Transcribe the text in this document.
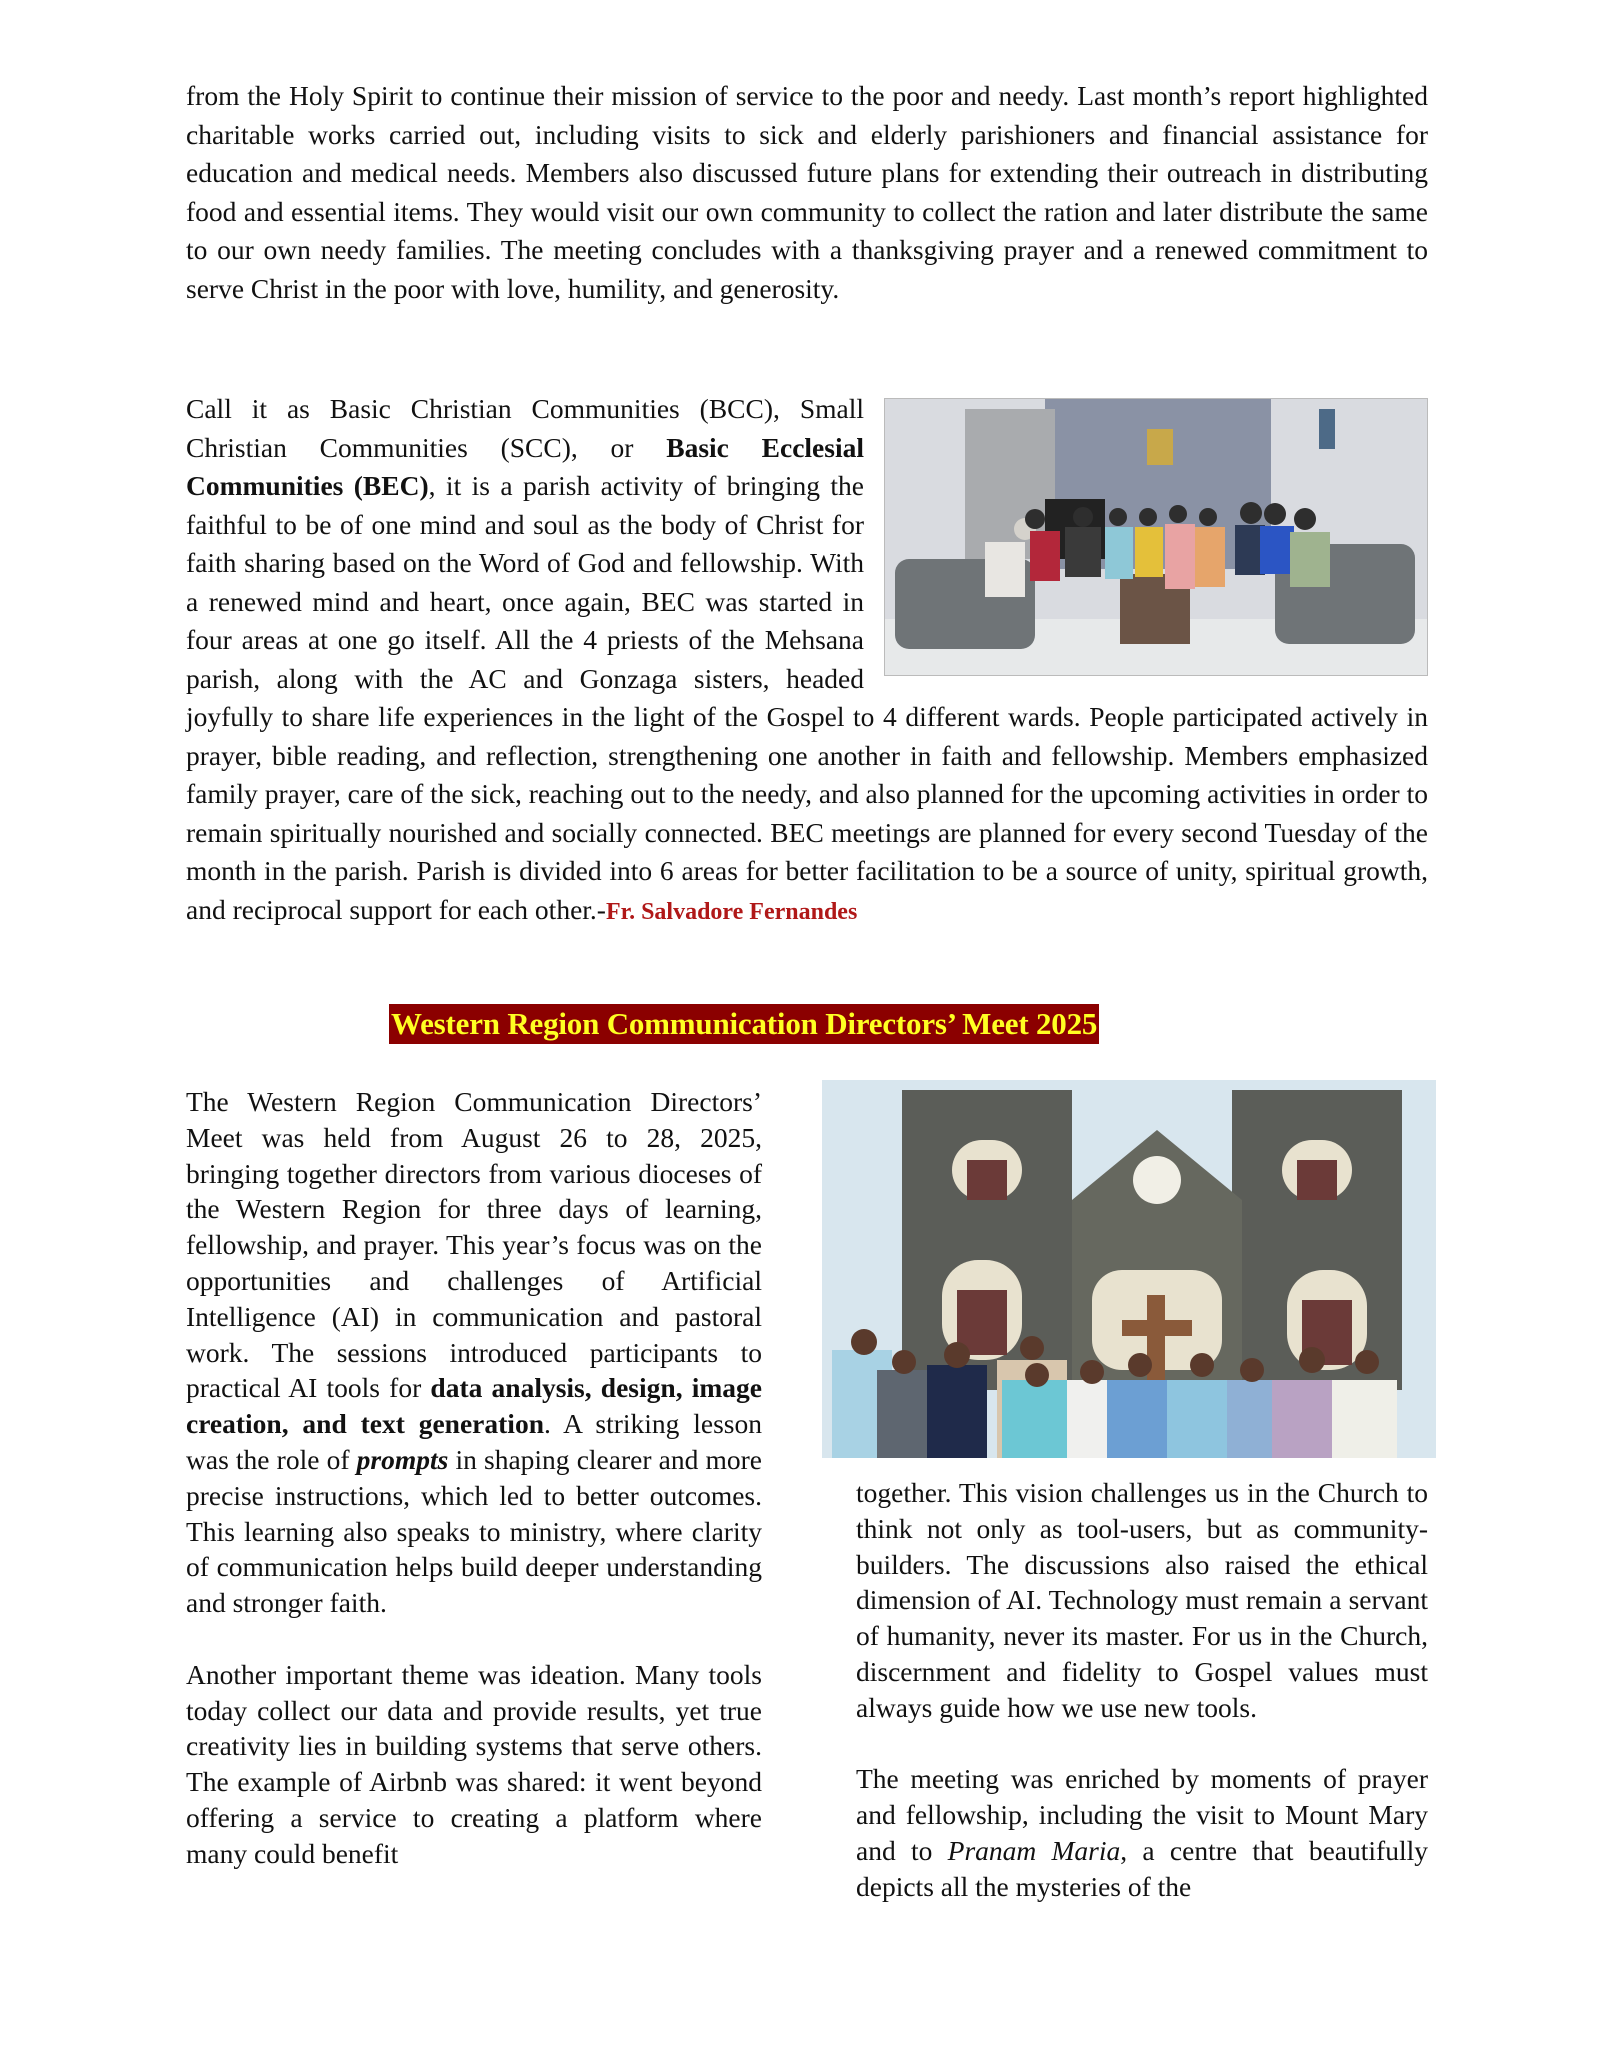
from the Holy Spirit to continue their mission of service to the poor and needy. Last month’s report highlighted charitable works carried out, including visits to sick and elderly parishioners and financial assistance for education and medical needs. Members also discussed future plans for extending their outreach in distributing food and essential items. They would visit our own community to collect the ration and later distribute the same to our own needy families. The meeting concludes with a thanksgiving prayer and a renewed commitment to serve Christ in the poor with love, humility, and generosity.

Call it as Basic Christian Communities (BCC), Small Christian Communities (SCC), or Basic Ecclesial Communities (BEC), it is a parish activity of bringing the faithful to be of one mind and soul as the body of Christ for faith sharing based on the Word of God and fellowship. With a renewed mind and heart, once again, BEC was started in four areas at one go itself. All the 4 priests of the Mehsana parish, along with the AC and Gonzaga sisters, headed joyfully to share life experiences in the light of the Gospel to 4 different wards. People participated actively in prayer, bible reading, and reflection, strengthening one another in faith and fellowship. Members emphasized family prayer, care of the sick, reaching out to the needy, and also planned for the upcoming activities in order to remain spiritually nourished and socially connected. BEC meetings are planned for every second Tuesday of the month in the parish. Parish is divided into 6 areas for better facilitation to be a source of unity, spiritual growth, and reciprocal support for each other.-Fr. Salvadore Fernandes
Western Region Communication Directors’ Meet 2025

The Western Region Communication Directors’ Meet was held from August 26 to 28, 2025, bringing together directors from various dioceses of the Western Region for three days of learning, fellowship, and prayer. This year’s focus was on the opportunities and challenges of Artificial Intelligence (AI) in communication and pastoral work. The sessions introduced participants to practical AI tools for data analysis, design, image creation, and text generation. A striking lesson was the role of prompts in shaping clearer and more precise instructions, which led to better outcomes. This learning also speaks to ministry, where clarity of communication helps build deeper understanding and stronger faith.

Another important theme was ideation. Many tools today collect our data and provide results, yet true creativity lies in building systems that serve others. The example of Airbnb was shared: it went beyond offering a service to creating a platform where many could benefit

together. This vision challenges us in the Church to think not only as tool-users, but as community-builders. The discussions also raised the ethical dimension of AI. Technology must remain a servant of humanity, never its master. For us in the Church, discernment and fidelity to Gospel values must always guide how we use new tools.

The meeting was enriched by moments of prayer and fellowship, including the visit to Mount Mary and to Pranam Maria, a centre that beautifully depicts all the mysteries of the
